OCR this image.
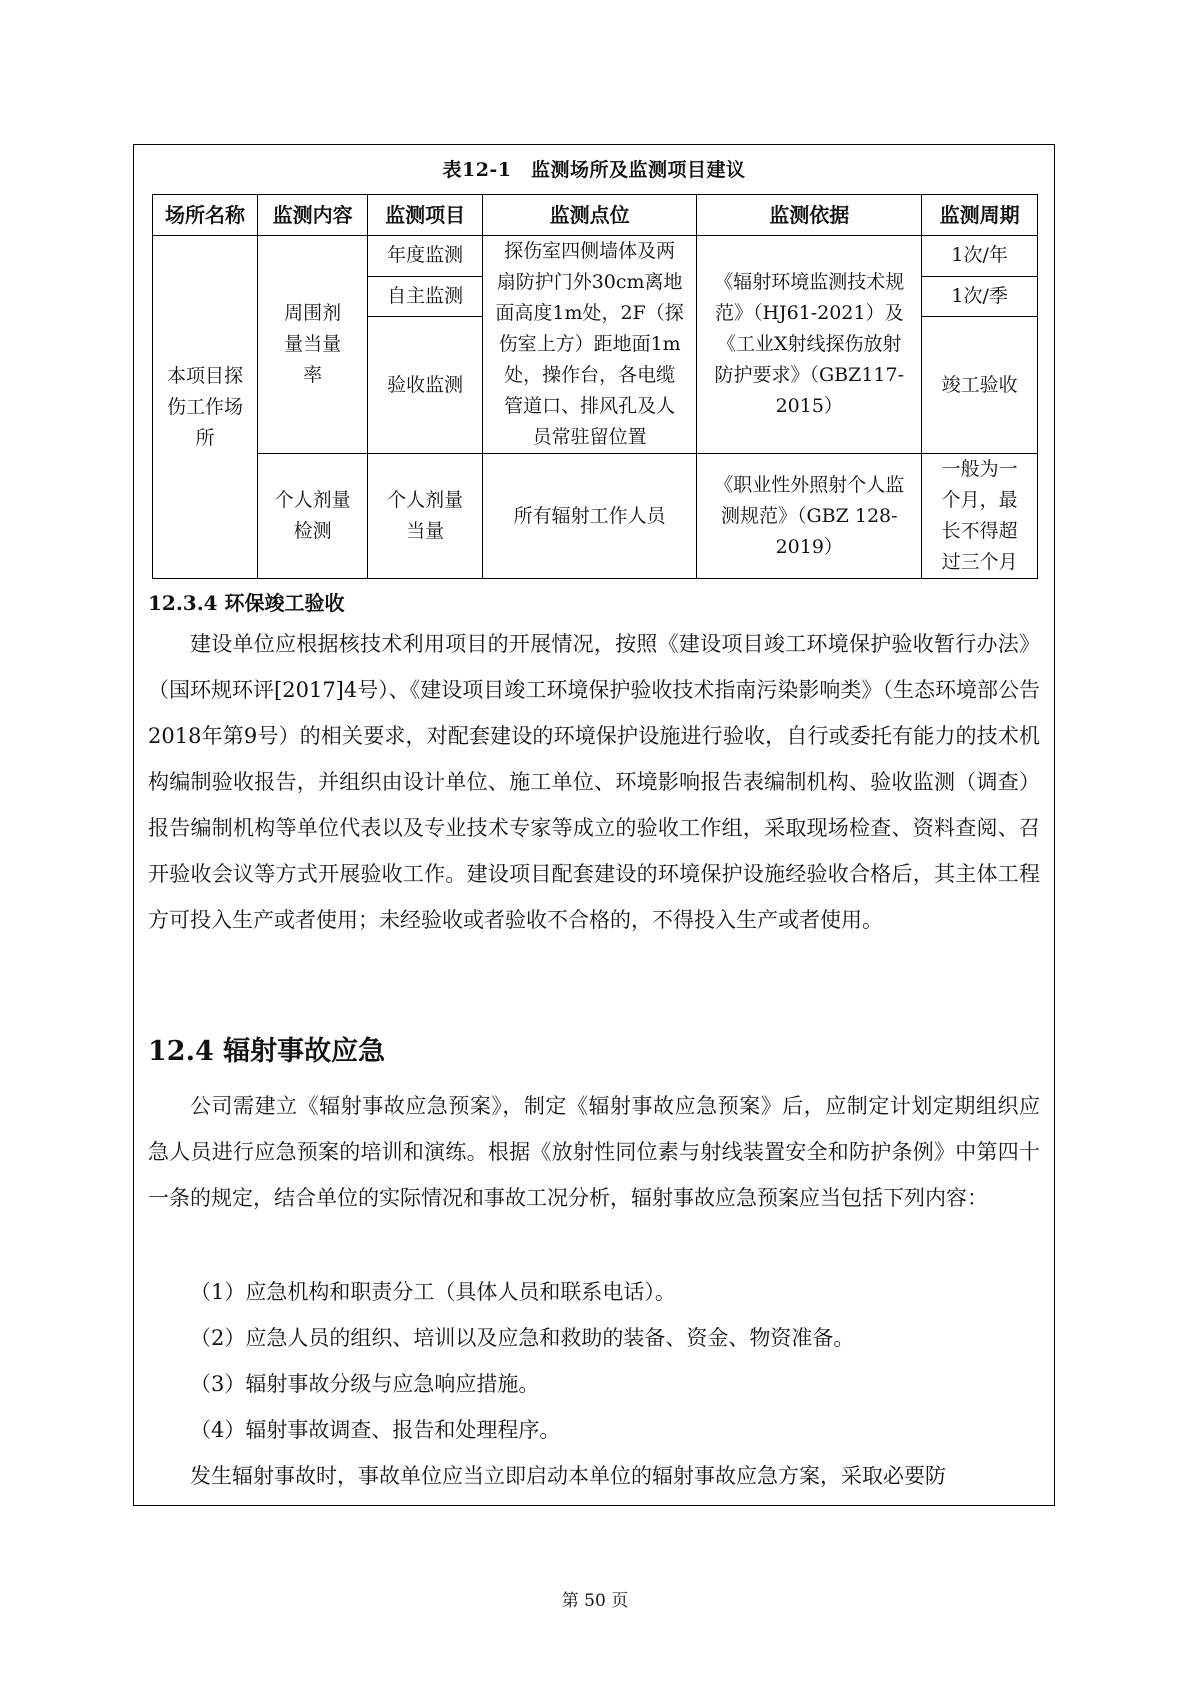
表12-1　监测场所及监测项目建议
场所名称	监测内容	监测项目	监测点位	监测依据	监测周期
本项目探伤工作场所	周围剂量当量率	年度监测	探伤室四侧墙体及两扇防护门外30cm离地面高度1m处，2F（探伤室上方）距地面1m处，操作台，各电缆管道口、排风孔及人员常驻留位置	《辐射环境监测技术规范》（HJ61-2021）及《工业X射线探伤放射防护要求》（GBZ117-2015）	1次/年
		自主监测			1次/季
		验收监测			竣工验收
	个人剂量检测	个人剂量当量	所有辐射工作人员	《职业性外照射个人监测规范》（GBZ 128-2019）	一般为一个月，最长不得超过三个月
12.3.4 环保竣工验收
建设单位应根据核技术利用项目的开展情况，按照《建设项目竣工环境保护验收暂行办法》（国环规环评[2017]4号）、《建设项目竣工环境保护验收技术指南污染影响类》（生态环境部公告2018年第9号）的相关要求，对配套建设的环境保护设施进行验收，自行或委托有能力的技术机构编制验收报告，并组织由设计单位、施工单位、环境影响报告表编制机构、验收监测（调查）报告编制机构等单位代表以及专业技术专家等成立的验收工作组，采取现场检查、资料查阅、召开验收会议等方式开展验收工作。建设项目配套建设的环境保护设施经验收合格后，其主体工程方可投入生产或者使用；未经验收或者验收不合格的，不得投入生产或者使用。
12.4 辐射事故应急
公司需建立《辐射事故应急预案》，制定《辐射事故应急预案》后，应制定计划定期组织应急人员进行应急预案的培训和演练。根据《放射性同位素与射线装置安全和防护条例》中第四十一条的规定，结合单位的实际情况和事故工况分析，辐射事故应急预案应当包括下列内容：
（1）应急机构和职责分工（具体人员和联系电话）。
（2）应急人员的组织、培训以及应急和救助的装备、资金、物资准备。
（3）辐射事故分级与应急响应措施。
（4）辐射事故调查、报告和处理程序。
发生辐射事故时，事故单位应当立即启动本单位的辐射事故应急方案，采取必要防
第 50 页
